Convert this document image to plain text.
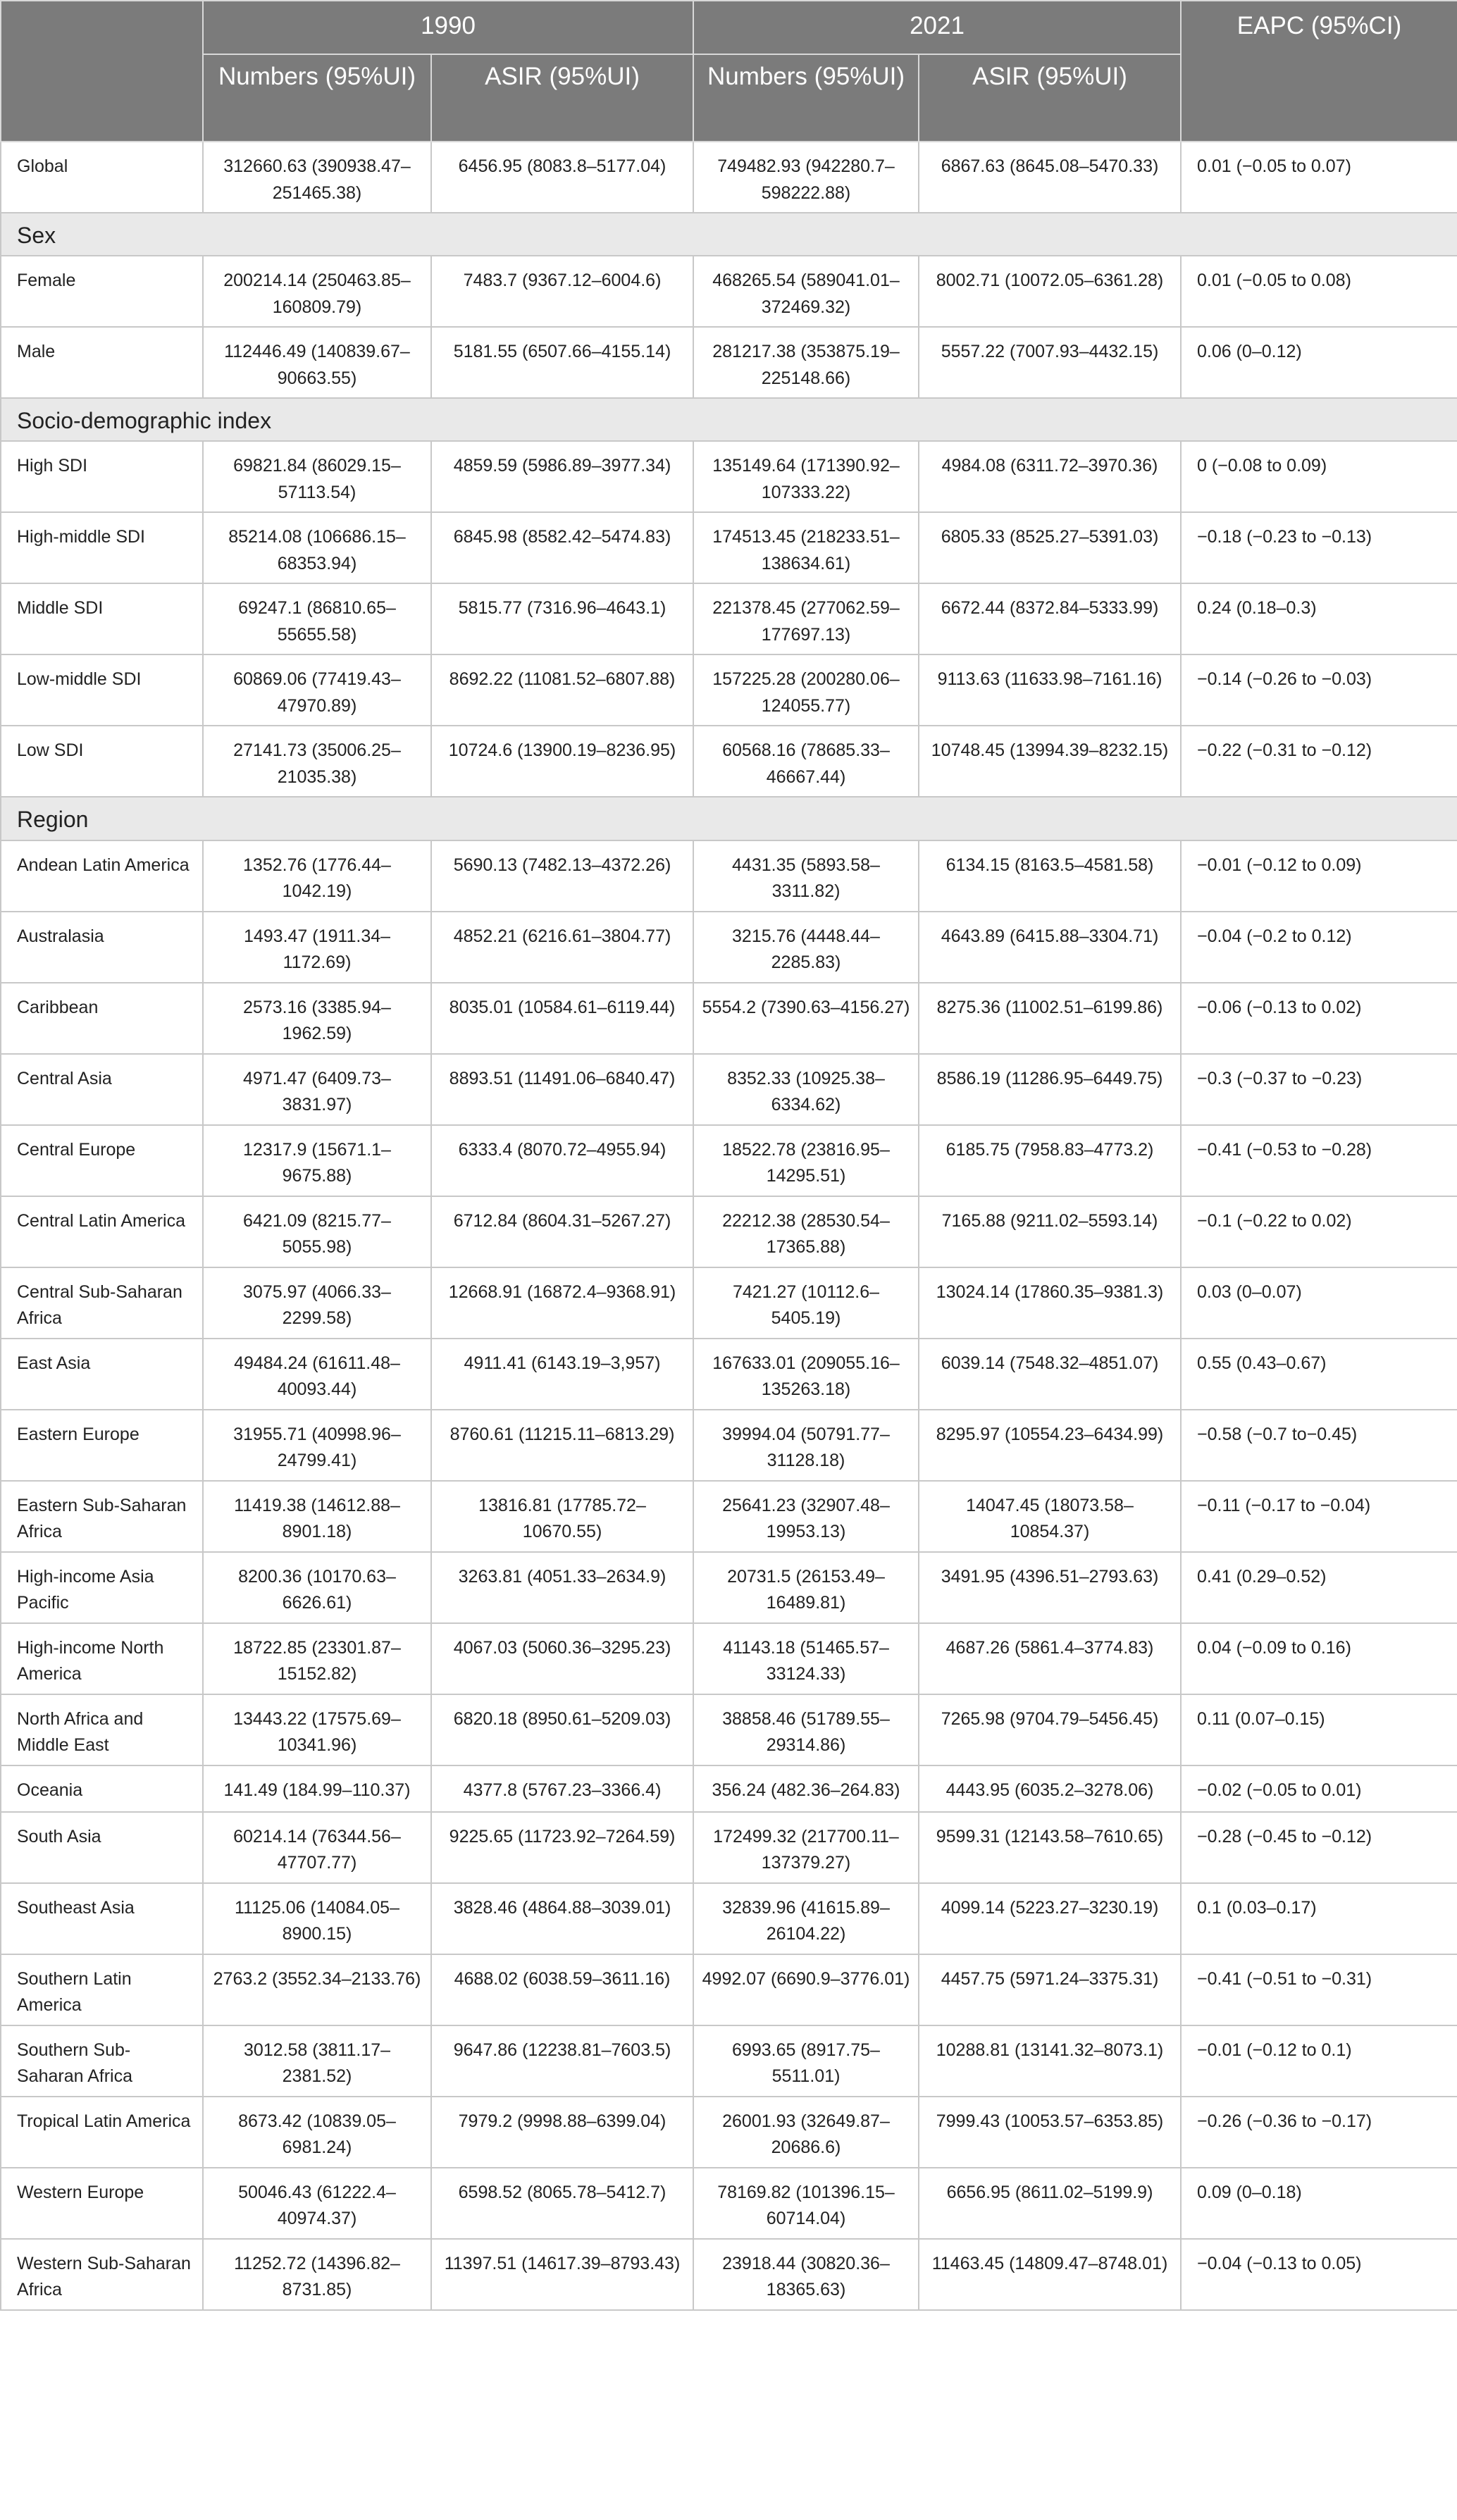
	1990		2021		EAPC (95%CI)
	Numbers (95%UI)	ASIR (95%UI)	Numbers (95%UI)	ASIR (95%UI)	
Global	312660.63 (390938.47–251465.38)	6456.95 (8083.8–5177.04)	749482.93 (942280.7–598222.88)	6867.63 (8645.08–5470.33)	0.01 (−0.05 to 0.07)
Sex					
Female	200214.14 (250463.85–160809.79)	7483.7 (9367.12–6004.6)	468265.54 (589041.01–372469.32)	8002.71 (10072.05–6361.28)	0.01 (−0.05 to 0.08)
Male	112446.49 (140839.67–90663.55)	5181.55 (6507.66–4155.14)	281217.38 (353875.19–225148.66)	5557.22 (7007.93–4432.15)	0.06 (0–0.12)
Socio-demographic index					
High SDI	69821.84 (86029.15–57113.54)	4859.59 (5986.89–3977.34)	135149.64 (171390.92–107333.22)	4984.08 (6311.72–3970.36)	0 (−0.08 to 0.09)
High-middle SDI	85214.08 (106686.15–68353.94)	6845.98 (8582.42–5474.83)	174513.45 (218233.51–138634.61)	6805.33 (8525.27–5391.03)	−0.18 (−0.23 to −0.13)
Middle SDI	69247.1 (86810.65–55655.58)	5815.77 (7316.96–4643.1)	221378.45 (277062.59–177697.13)	6672.44 (8372.84–5333.99)	0.24 (0.18–0.3)
Low-middle SDI	60869.06 (77419.43–47970.89)	8692.22 (11081.52–6807.88)	157225.28 (200280.06–124055.77)	9113.63 (11633.98–7161.16)	−0.14 (−0.26 to −0.03)
Low SDI	27141.73 (35006.25–21035.38)	10724.6 (13900.19–8236.95)	60568.16 (78685.33–46667.44)	10748.45 (13994.39–8232.15)	−0.22 (−0.31 to −0.12)
Region					
Andean Latin America	1352.76 (1776.44–1042.19)	5690.13 (7482.13–4372.26)	4431.35 (5893.58–3311.82)	6134.15 (8163.5–4581.58)	−0.01 (−0.12 to 0.09)
Australasia	1493.47 (1911.34–1172.69)	4852.21 (6216.61–3804.77)	3215.76 (4448.44–2285.83)	4643.89 (6415.88–3304.71)	−0.04 (−0.2 to 0.12)
Caribbean	2573.16 (3385.94–1962.59)	8035.01 (10584.61–6119.44)	5554.2 (7390.63–4156.27)	8275.36 (11002.51–6199.86)	−0.06 (−0.13 to 0.02)
Central Asia	4971.47 (6409.73–3831.97)	8893.51 (11491.06–6840.47)	8352.33 (10925.38–6334.62)	8586.19 (11286.95–6449.75)	−0.3 (−0.37 to −0.23)
Central Europe	12317.9 (15671.1–9675.88)	6333.4 (8070.72–4955.94)	18522.78 (23816.95–14295.51)	6185.75 (7958.83–4773.2)	−0.41 (−0.53 to −0.28)
Central Latin America	6421.09 (8215.77–5055.98)	6712.84 (8604.31–5267.27)	22212.38 (28530.54–17365.88)	7165.88 (9211.02–5593.14)	−0.1 (−0.22 to 0.02)
Central Sub-Saharan Africa	3075.97 (4066.33–2299.58)	12668.91 (16872.4–9368.91)	7421.27 (10112.6–5405.19)	13024.14 (17860.35–9381.3)	0.03 (0–0.07)
East Asia	49484.24 (61611.48–40093.44)	4911.41 (6143.19–3,957)	167633.01 (209055.16–135263.18)	6039.14 (7548.32–4851.07)	0.55 (0.43–0.67)
Eastern Europe	31955.71 (40998.96–24799.41)	8760.61 (11215.11–6813.29)	39994.04 (50791.77–31128.18)	8295.97 (10554.23–6434.99)	−0.58 (−0.7 to−0.45)
Eastern Sub-Saharan Africa	11419.38 (14612.88–8901.18)	13816.81 (17785.72–10670.55)	25641.23 (32907.48–19953.13)	14047.45 (18073.58–10854.37)	−0.11 (−0.17 to −0.04)
High-income Asia Pacific	8200.36 (10170.63–6626.61)	3263.81 (4051.33–2634.9)	20731.5 (26153.49–16489.81)	3491.95 (4396.51–2793.63)	0.41 (0.29–0.52)
High-income North America	18722.85 (23301.87–15152.82)	4067.03 (5060.36–3295.23)	41143.18 (51465.57–33124.33)	4687.26 (5861.4–3774.83)	0.04 (−0.09 to 0.16)
North Africa and Middle East	13443.22 (17575.69–10341.96)	6820.18 (8950.61–5209.03)	38858.46 (51789.55–29314.86)	7265.98 (9704.79–5456.45)	0.11 (0.07–0.15)
Oceania	141.49 (184.99–110.37)	4377.8 (5767.23–3366.4)	356.24 (482.36–264.83)	4443.95 (6035.2–3278.06)	−0.02 (−0.05 to 0.01)
South Asia	60214.14 (76344.56–47707.77)	9225.65 (11723.92–7264.59)	172499.32 (217700.11–137379.27)	9599.31 (12143.58–7610.65)	−0.28 (−0.45 to −0.12)
Southeast Asia	11125.06 (14084.05–8900.15)	3828.46 (4864.88–3039.01)	32839.96 (41615.89–26104.22)	4099.14 (5223.27–3230.19)	0.1 (0.03–0.17)
Southern Latin America	2763.2 (3552.34–2133.76)	4688.02 (6038.59–3611.16)	4992.07 (6690.9–3776.01)	4457.75 (5971.24–3375.31)	−0.41 (−0.51 to −0.31)
Southern Sub-Saharan Africa	3012.58 (3811.17–2381.52)	9647.86 (12238.81–7603.5)	6993.65 (8917.75–5511.01)	10288.81 (13141.32–8073.1)	−0.01 (−0.12 to 0.1)
Tropical Latin America	8673.42 (10839.05–6981.24)	7979.2 (9998.88–6399.04)	26001.93 (32649.87–20686.6)	7999.43 (10053.57–6353.85)	−0.26 (−0.36 to −0.17)
Western Europe	50046.43 (61222.4–40974.37)	6598.52 (8065.78–5412.7)	78169.82 (101396.15–60714.04)	6656.95 (8611.02–5199.9)	0.09 (0–0.18)
Western Sub-Saharan Africa	11252.72 (14396.82–8731.85)	11397.51 (14617.39–8793.43)	23918.44 (30820.36–18365.63)	11463.45 (14809.47–8748.01)	−0.04 (−0.13 to 0.05)
